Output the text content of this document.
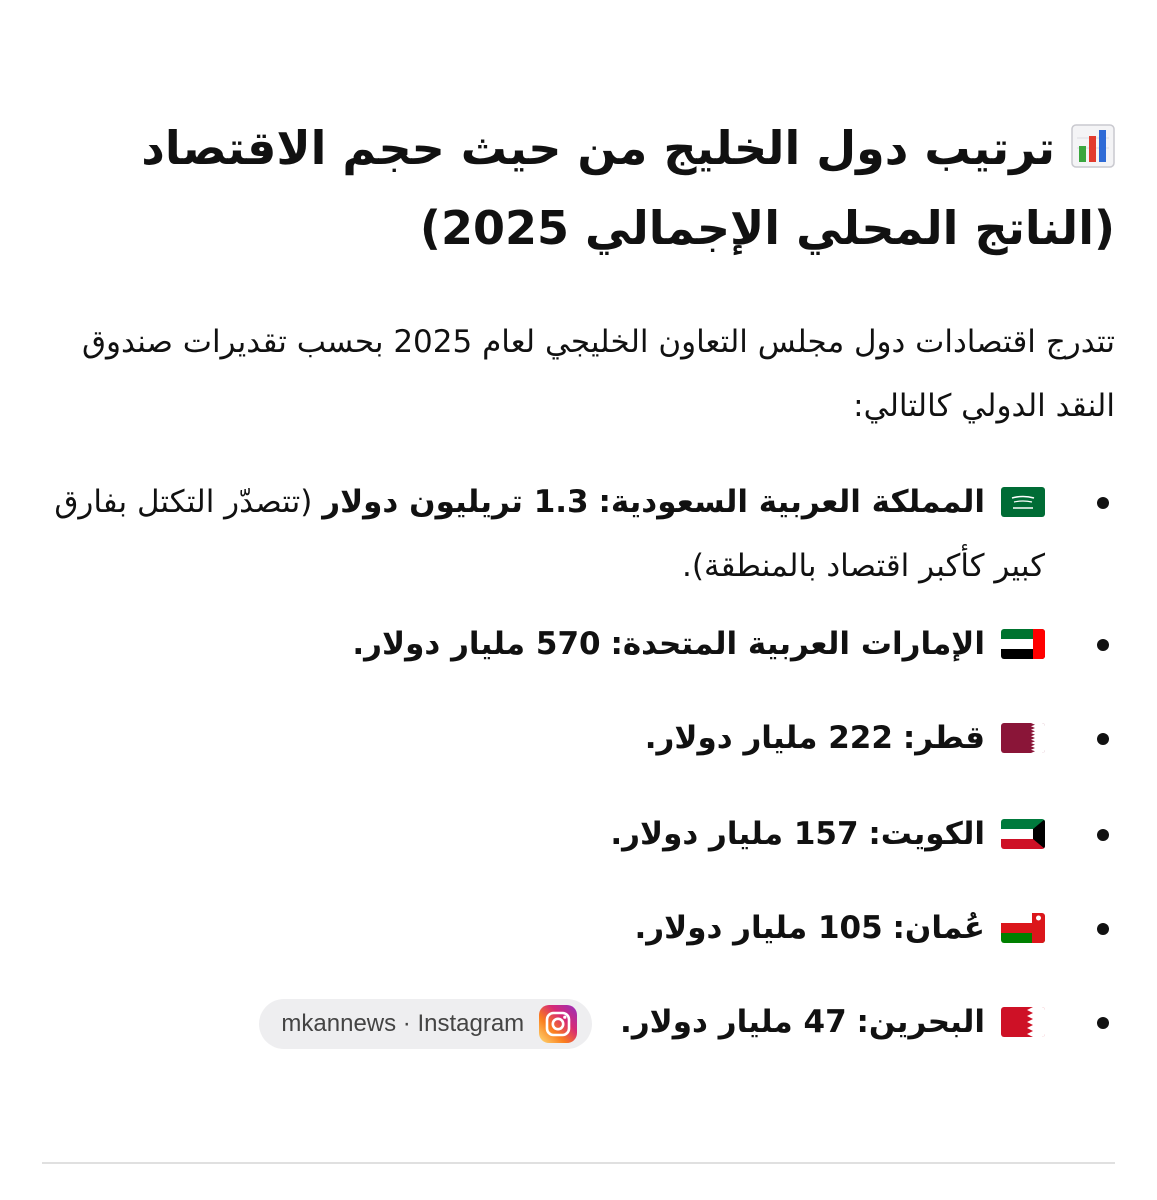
ترتيب دول الخليج من حيث حجم الاقتصاد (الناتج المحلي الإجمالي 2025)

تتدرج اقتصادات دول مجلس التعاون الخليجي لعام 2025 بحسب تقديرات صندوق النقد الدولي كالتالي:

المملكة العربية السعودية: 1.3 تريليون دولار (تتصدّر التكتل بفارق كبير كأكبر اقتصاد بالمنطقة).
الإمارات العربية المتحدة: 570 مليار دولار.
قطر: 222 مليار دولار.
الكويت: 157 مليار دولار.
عُمان: 105 مليار دولار.
البحرين: 47 مليار دولار.
mkannews · Instagram
